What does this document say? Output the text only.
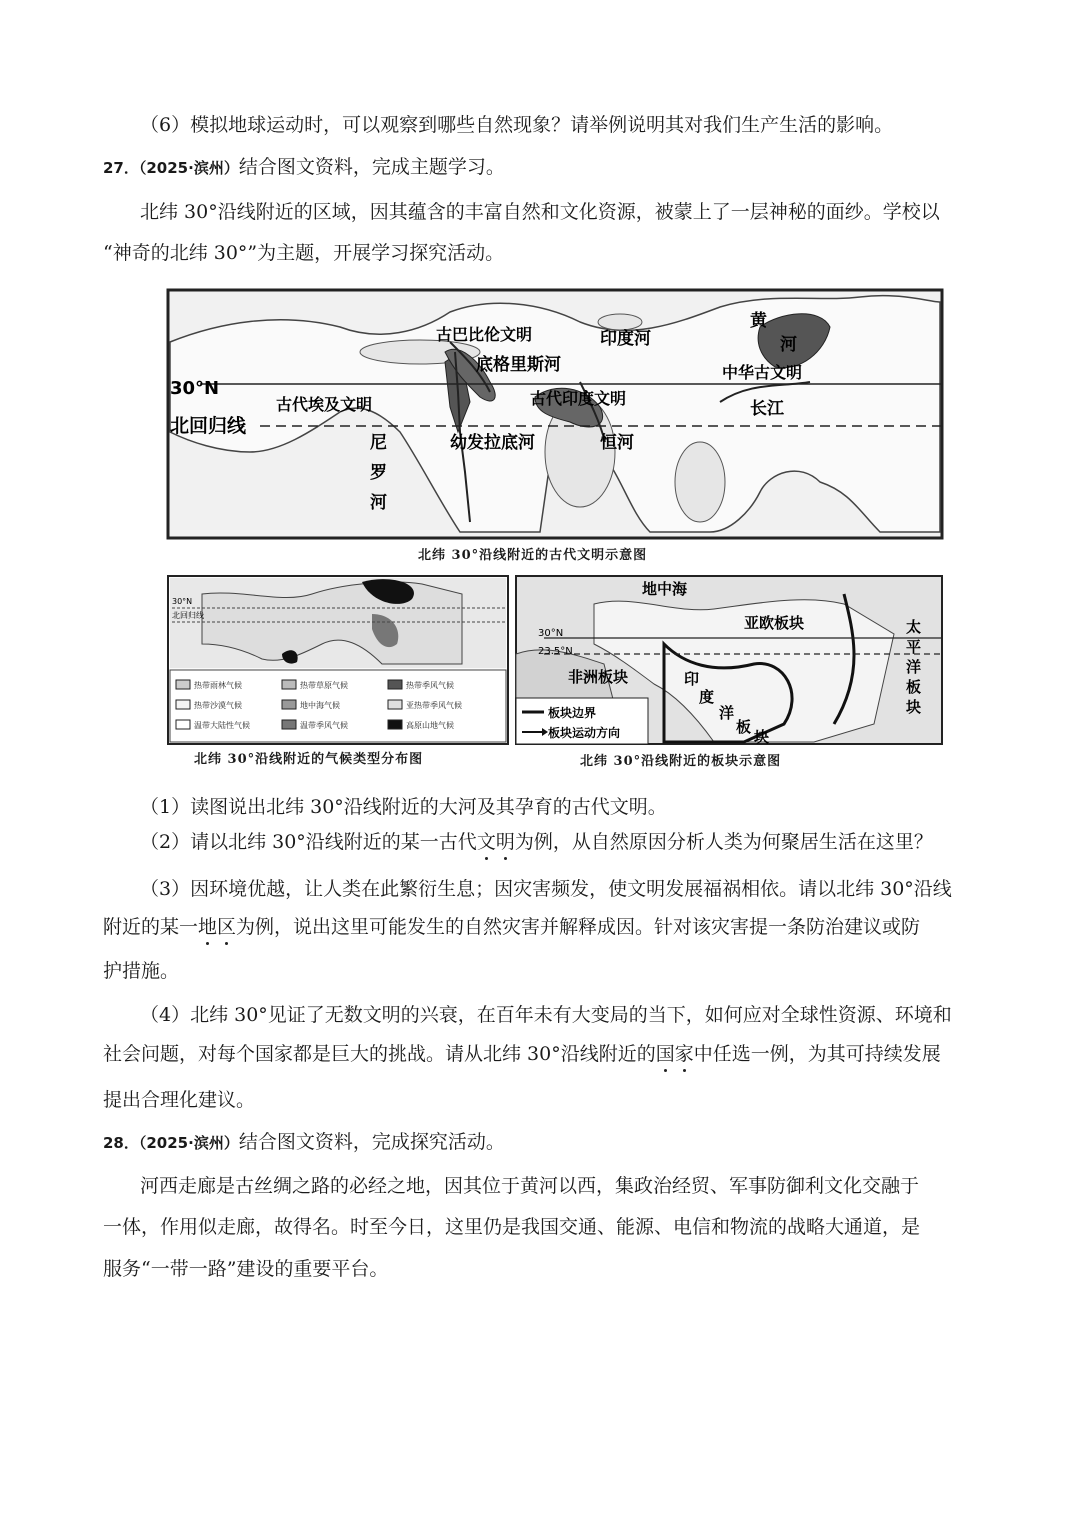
（6）模拟地球运动时，可以观察到哪些自然现象？请举例说明其对我们生产生活的影响。
27．（2025·滨州）结合图文资料，完成主题学习。
北纬 30°沿线附近的区域，因其蕴含的丰富自然和文化资源，被蒙上了一层神秘的面纱。学校以
“神奇的北纬 30°”为主题，开展学习探究活动。
30°N
北回归线
古巴比伦文明
底格里斯河
印度河
黄
河
中华古文明
古代埃及文明	古代印度文明
长江
尼
罗
河
幼发拉底河	恒河
北纬 30°沿线附近的古代文明示意图
30°N
北回归线
热带雨林气候	热带草原气候	热带季风气候
热带沙漠气候	地中海气候	亚热带季风气候
温带大陆性气候	温带季风气候	高原山地气候
北纬 30°沿线附近的气候类型分布图
30°N
23.5°N
地中海
亚欧板块
非洲板块	印
度
洋
板
块
太
平
洋
板
块
板块边界
板块运动方向
北纬 30°沿线附近的板块示意图
（1）读图说出北纬 30°沿线附近的大河及其孕育的古代文明。
（2）请以北纬 30°沿线附近的某一古代文明为例，从自然原因分析人类为何聚居生活在这里？
（3）因环境优越，让人类在此繁衍生息；因灾害频发，使文明发展福祸相依。请以北纬 30°沿线
附近的某一地区为例，说出这里可能发生的自然灾害并解释成因。针对该灾害提一条防治建议或防
护措施。
（4）北纬 30°见证了无数文明的兴衰，在百年未有大变局的当下，如何应对全球性资源、环境和
社会问题，对每个国家都是巨大的挑战。请从北纬 30°沿线附近的国家中任选一例，为其可持续发展
提出合理化建议。
28．（2025·滨州）结合图文资料，完成探究活动。
河西走廊是古丝绸之路的必经之地，因其位于黄河以西，集政治经贸、军事防御利文化交融于
一体，作用似走廊，故得名。时至今日，这里仍是我国交通、能源、电信和物流的战略大通道，是
服务“一带一路”建设的重要平台。
